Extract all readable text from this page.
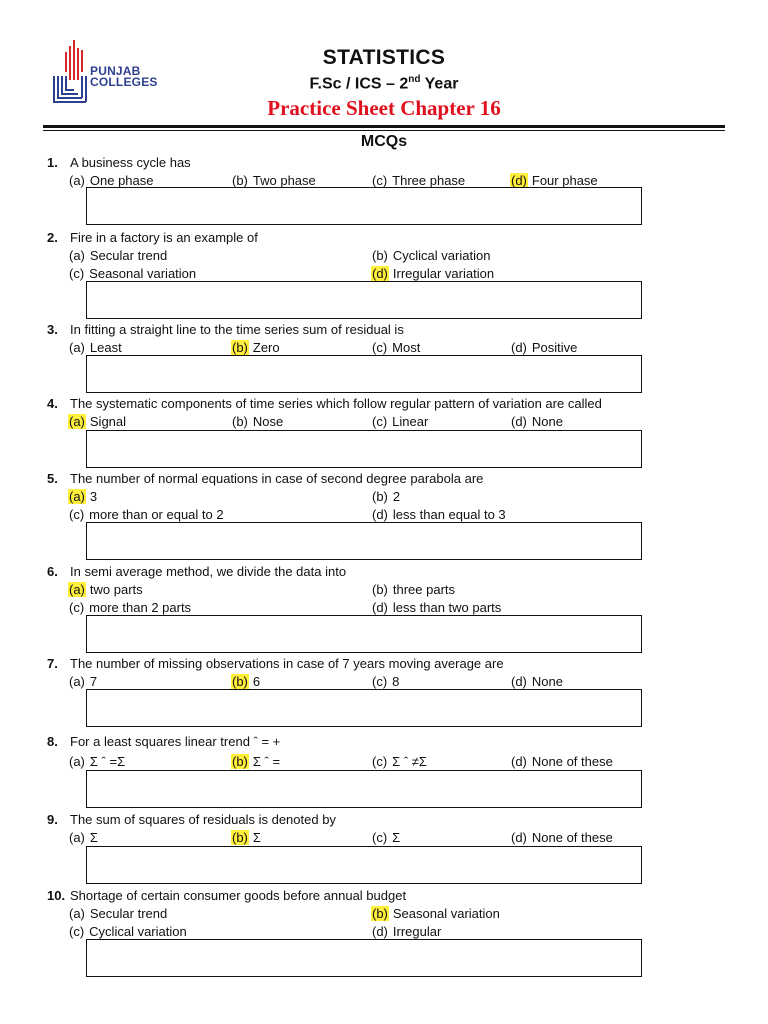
PUNJAB
COLLEGES
STATISTICS
F.Sc / ICS – 2nd Year
Practice Sheet Chapter 16
MCQs
1. A business cycle has
(a) One phase	(b) Two phase	(c) Three phase	(d) Four phase
2. Fire in a factory is an example of
(a) Secular trend	(b) Cyclical variation
(c) Seasonal variation	(d) Irregular variation
3. In fitting a straight line to the time series sum of residual is
(a) Least	(b) Zero	(c) Most	(d) Positive
4. The systematic components of time series which follow regular pattern of variation are called
(a) Signal	(b) Nose	(c) Linear	(d) None
5. The number of normal equations in case of second degree parabola are
(a) 3	(b) 2
(c) more than or equal to 2	(d) less than equal to 3
6. In semi average method, we divide the data into
(a) two parts	(b) three parts
(c) more than 2 parts	(d) less than two parts
7. The number of missing observations in case of 7 years moving average are
(a) 7	(b) 6	(c) 8	(d) None
8. For a least squares linear trend ˆ = +
(a) Σ ˆ =Σ	(b) Σ ˆ =	(c) Σ ˆ ≠Σ	(d) None of these
9. The sum of squares of residuals is denoted by
(a) Σ	(b) Σ	(c) Σ	(d) None of these
10. Shortage of certain consumer goods before annual budget
(a) Secular trend	(b) Seasonal variation
(c) Cyclical variation	(d) Irregular
